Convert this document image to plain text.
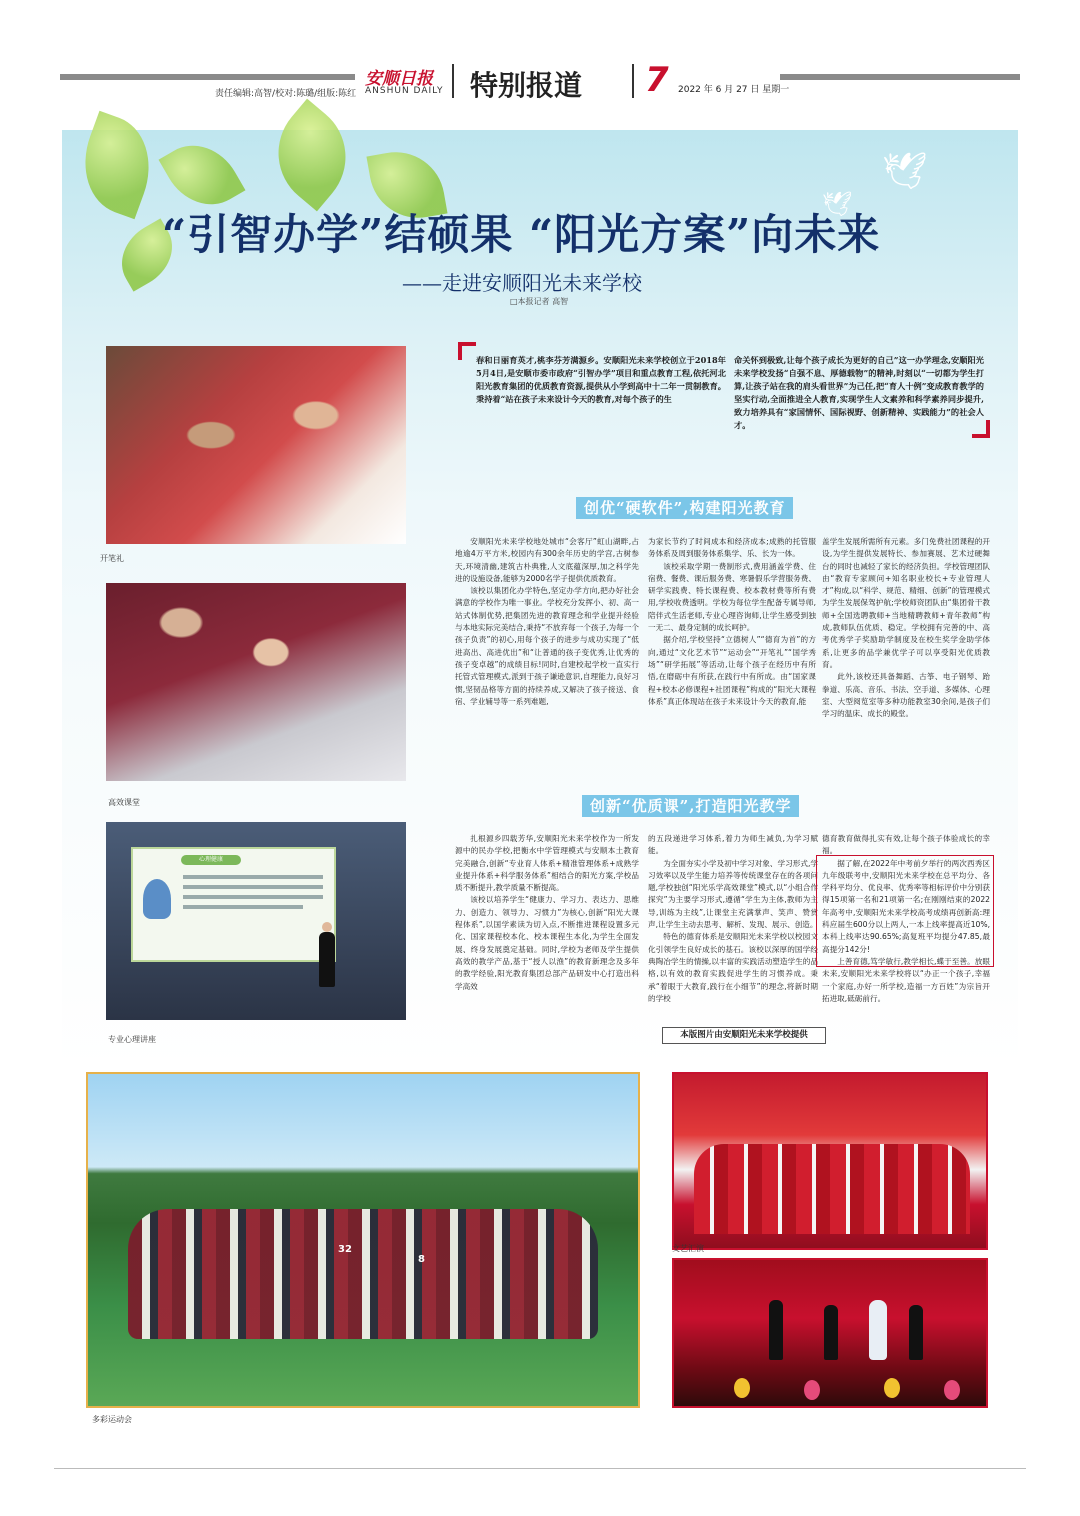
责任编辑:高智/校对:陈璐/组版:陈红
安顺日报
ANSHUN DAILY 特别报道 7 2022 年 6 月 27 日 星期一
🕊
🕊
“引智办学”结硕果 “阳光方案”向未来
——走进安顺阳光未来学校
□本报记者 高智
开笔礼
高效课堂
心理健康
专业心理讲座
春和日丽育英才,桃李芬芳满源乡。安顺阳光未来学校创立于2018年5月4日,是安顺市委市政府“引智办学”项目和重点教育工程,依托河北阳光教育集团的优质教育资源,提供从小学到高中十二年一贯制教育。秉持着“站在孩子未来设计今天的教育,对每个孩子的生
命关怀到极致,让每个孩子成长为更好的自己”这一办学理念,安顺阳光未来学校发扬“自强不息、厚德载物”的精神,时刻以“一切都为学生打算,让孩子站在我的肩头看世界”为己任,把“育人十例”变成教育教学的坚实行动,全面推进全人教育,实现学生人文素养和科学素养同步提升,致力培养具有“家国情怀、国际视野、创新精神、实践能力”的社会人才。
创优“硬软件”,构建阳光教育

安顺阳光未来学校地处城市“会客厅”虹山湖畔,占地逾4万平方米,校园内有300余年历史的学宫,古树参天,环境清幽,建筑古朴典雅,人文底蕴深厚,加之科学先进的设施设备,能够为2000名学子提供优质教育。

该校以集团化办学特色,坚定办学方向,把办好社会满意的学校作为唯一事业。学校充分发挥小、初、高一站式体制优势,把集团先进的教育理念和学业提升经验与本地实际完美结合,秉持“不放弃每一个孩子,为每一个孩子负责”的初心,用每个孩子的进步与成功实现了“低进高出、高进优出”和“让普通的孩子变优秀,让优秀的孩子变卓越”的成绩目标!同时,自建校起学校一直实行托管式管理模式,派到于孩子谦逊意识,自理能力,良好习惯,坚韧品格等方面的持续养成,又解决了孩子接送、食宿、学业辅导等一系列难题,

为家长节约了时间成本和经济成本;成熟的托管服务体系及周到服务体系集学、乐、长为一体。

该校采取学期一费制形式,费用涵盖学费、住宿费、餐费、课后服务费、寒暑假乐学营服务费、研学实践费、特长课程费、校本教材费等所有费用,学校收费透明。学校为每位学生配备专属导师,陪伴式生活老师,专业心理咨询师,让学生感受到独一无二、最身定制的成长呵护。

据介绍,学校坚持“立德树人”“德育为首”的方向,通过“文化艺术节”“运动会”“开笔礼”“国学秀场”“研学拓展”等活动,让每个孩子在经历中有所悟,在磨砺中有所获,在践行中有所成。由“国家课程+校本必修课程+社团课程”构成的“阳光大课程体系”真正体现站在孩子未来设计今天的教育,能

盖学生发展所需所有元素。多门免费社团课程的开设,为学生提供发展特长、参加赛展、艺术过硬舞台的同时也减轻了家长的经济负担。学校管理团队由“教育专家顾问+知名职业校长+专业管理人才”构成,以“科学、规范、精细、创新”的管理模式为学生发展保驾护航;学校师资团队由“集团骨干教师+全国选聘教师+当地精聘教师+青年教师”构成,教师队伍优质、稳定。学校拥有完善的中、高考优秀学子奖励助学制度及在校生奖学金助学体系,让更多的品学兼优学子可以享受阳光优质教育。

此外,该校还具备舞蹈、古筝、电子钢琴、跆拳道、乐高、音乐、书法、空手道、多媒体、心理室、大型阅览室等多种功能教室30余间,是孩子们学习的温床、成长的殿堂。

创新“优质课”,打造阳光教学

扎根源乡四载芳华,安顺阳光未来学校作为一所发源中的民办学校,把衡水中学管理模式与安顺本土教育完美融合,创新“专业育人体系+精准管理体系+成熟学业提升体系+科学服务体系”相结合的阳光方案,学校品质不断提升,教学质量不断提高。

该校以培养学生“健康力、学习力、表达力、思维力、创造力、领导力、习惯力”为核心,创新“阳光大课程体系”,以国学素读为切入点,不断推进课程设置多元化、国家课程校本化、校本课程生本化,为学生全面发展、终身发展奠定基础。同时,学校为老师及学生提供高效的教学产品,基于“授人以渔”的教育新理念及多年的教学经验,阳光教育集团总部产品研发中心打造出科学高效

的五段递进学习体系,着力为师生减负,为学习赋能。

为全面夯实小学及初中学习对象、学习形式,学习效率以及学生能力培养等传统课堂存在的各项问题,学校独创“阳光乐学高效课堂”模式,以“小组合作探究”为主要学习形式,遵循“学生为主体,教师为主导,训练为主线”,让课堂主充满掌声、笑声、赞赏声,让学生主动去思考、解析、发现、展示、创造。

特色的德育体系是安顺阳光未来学校以校园文化引领学生良好成长的基石。该校以深厚的国学经典陶冶学生的情操,以丰富的实践活动塑造学生的品格,以有效的教育实践促进学生的习惯养成。秉承“着眼于大教育,践行在小细节”的理念,将新时期的学校

德育教育做得扎实有效,让每个孩子体验成长的幸福。

据了解,在2022年中考前夕举行的两次西秀区九年级联考中,安顺阳光未来学校在总平均分、各学科平均分、优良率、优秀率等相标评价中分别获得15项第一名和21项第一名;在刚刚结束的2022年高考中,安顺阳光未来学校高考成绩再创新高:理科应届生600分以上两人,一本上线率提高近10%,本科上线率达90.65%;高复班平均提分47.85,最高提分142分!

上善育德,笃学敏行,教学相长,蝶于至善。放眼未来,安顺阳光未来学校将以“办正一个孩子,幸福一个家庭,办好一所学校,造福一方百姓”为宗旨开拓进取,砥砺前行。

本版图片由安顺阳光未来学校提供
32
8
多彩运动会
文艺汇演
